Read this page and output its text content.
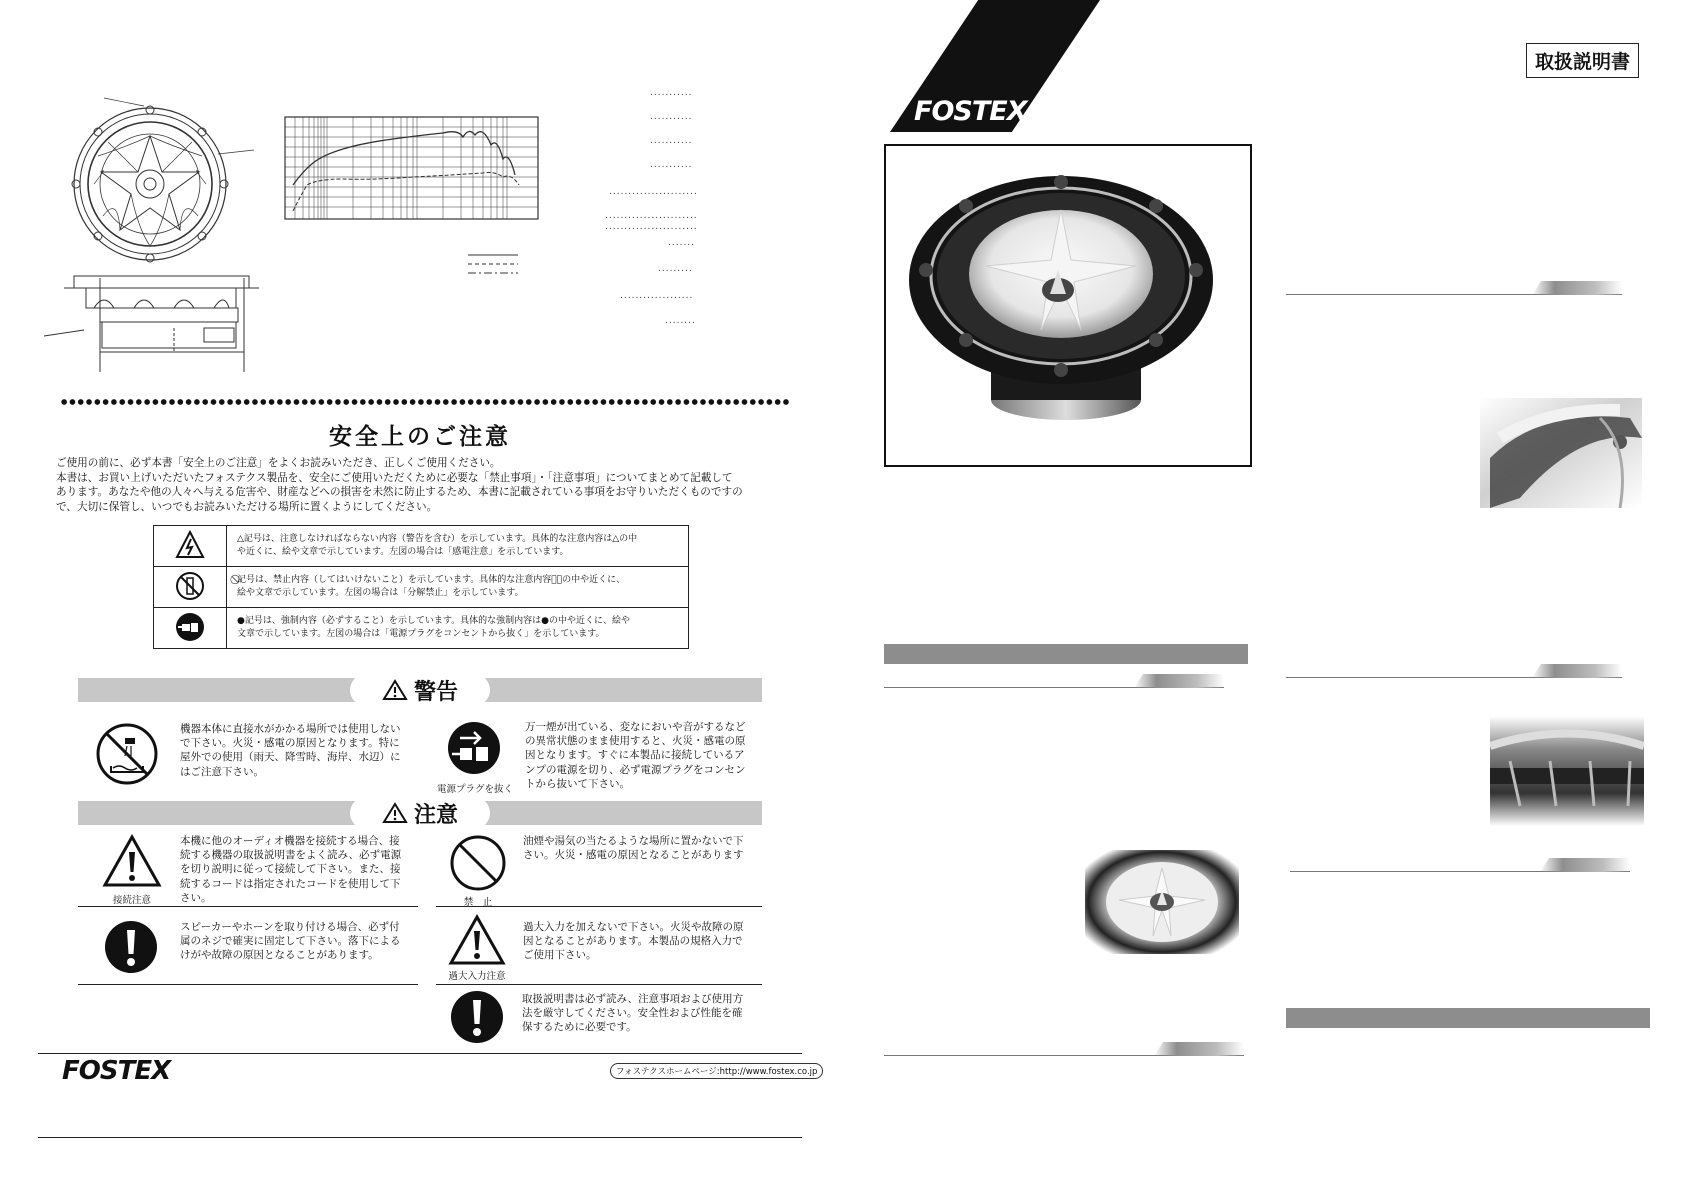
...........
...........
...........
...........
.......................
........................
........................
.......
.........
...................
........
安全上のご注意
ご使用の前に、必ず本書「安全上のご注意」をよくお読みいただき、正しくご使用ください。
本書は、お買い上げいただいたフォステクス製品を、安全にご使用いただくために必要な「禁止事項」・「注意事項」についてまとめて記載して
あります。あなたや他の人々へ与える危害や、財産などへの損害を未然に防止するため、本書に記載されている事項をお守りいただくものですの
で、大切に保管し、いつでもお読みいただける場所に置くようにしてください。

△記号は、注意しなければならない内容（警告を含む）を示しています。具体的な注意内容は△の中
や近くに、絵や文章で示しています。左図の場合は「感電注意」を示しています。

⃠記号は、禁止内容（してはいけないこと）を示しています。具体的な注意内容は⃠の中や近くに、
絵や文章で示しています。左図の場合は「分解禁止」を示しています。

●記号は、強制内容（必ずすること）を示しています。具体的な強制内容は●の中や近くに、絵や
文章で示しています。左図の場合は「電源プラグをコンセントから抜く」を示しています。
警告
機器本体に直接水がかかる場所では使用しない
で下さい。火災・感電の原因となります。特に
屋外での使用（雨天、降雪時、海岸、水辺）に
はご注意下さい。
電源プラグを抜く
万一煙が出ている、変なにおいや音がするなど
の異常状態のまま使用すると、火災・感電の原
因となります。すぐに本製品に接続しているア
ンプの電源を切り、必ず電源プラグをコンセン
トから抜いて下さい。
注意
接続注意
本機に他のオーディオ機器を接続する場合、接
続する機器の取扱説明書をよく読み、必ず電源
を切り説明に従って接続して下さい。また、接
続するコードは指定されたコードを使用して下
さい。	禁　止
油煙や湯気の当たるような場所に置かないで下
さい。火災・感電の原因となることがあります
スピーカーやホーンを取り付ける場合、必ず付
属のネジで確実に固定して下さい。落下による
けがや故障の原因となることがあります。
過大入力注意
過大入力を加えないで下さい。火災や故障の原
因となることがあります。本製品の規格入力で
ご使用下さい。
取扱説明書は必ず読み、注意事項および使用方
法を厳守してください。安全性および性能を確
保するために必要です。
FOSTEX	フォステクスホームページ:http://www.fostex.co.jp
FOSTEX
取扱説明書
